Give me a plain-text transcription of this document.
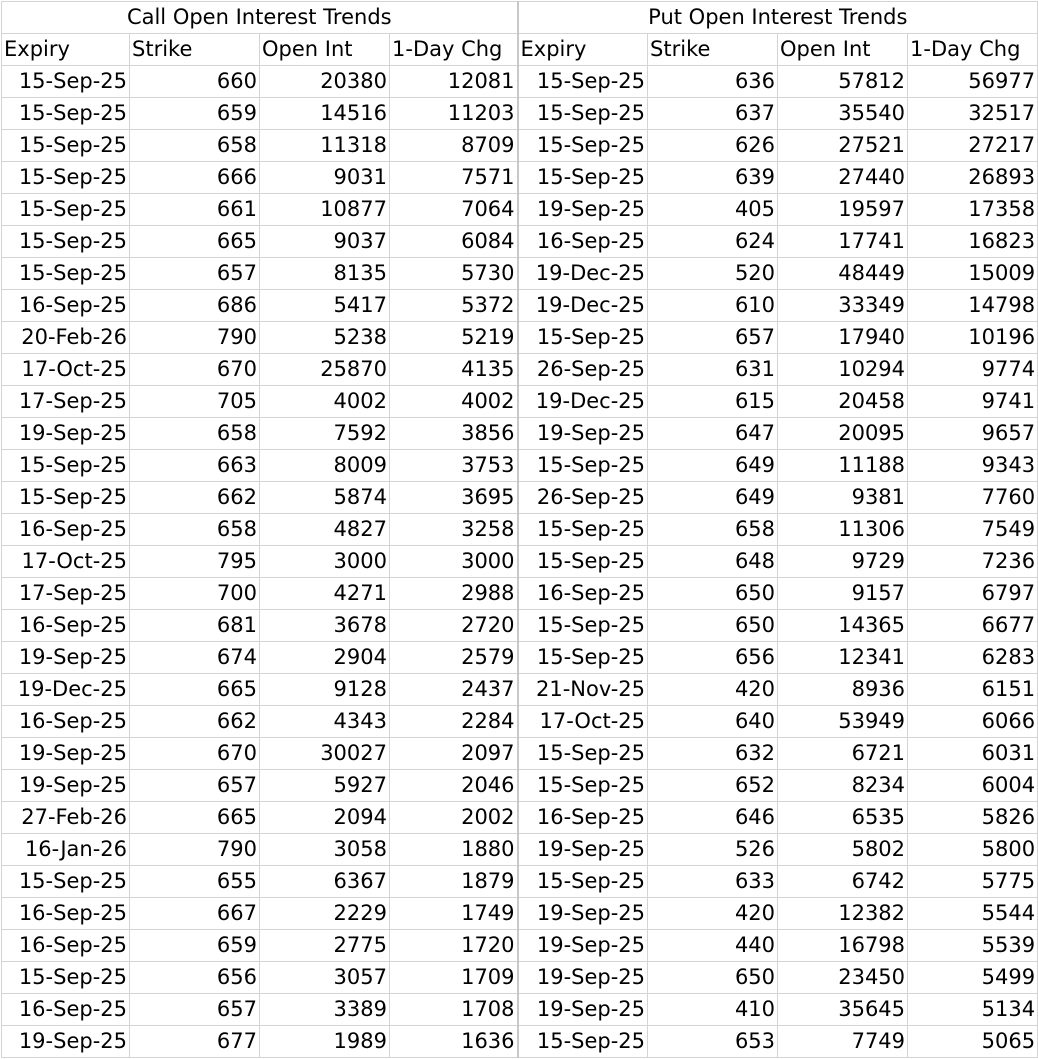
Call Open Interest Trends				Put Open Interest Trends			
Expiry	Strike	Open Int	1-Day Chg	Expiry	Strike	Open Int	1-Day Chg
15-Sep-25	660	20380	12081	15-Sep-25	636	57812	56977
15-Sep-25	659	14516	11203	15-Sep-25	637	35540	32517
15-Sep-25	658	11318	8709	15-Sep-25	626	27521	27217
15-Sep-25	666	9031	7571	15-Sep-25	639	27440	26893
15-Sep-25	661	10877	7064	19-Sep-25	405	19597	17358
15-Sep-25	665	9037	6084	16-Sep-25	624	17741	16823
15-Sep-25	657	8135	5730	19-Dec-25	520	48449	15009
16-Sep-25	686	5417	5372	19-Dec-25	610	33349	14798
20-Feb-26	790	5238	5219	15-Sep-25	657	17940	10196
17-Oct-25	670	25870	4135	26-Sep-25	631	10294	9774
17-Sep-25	705	4002	4002	19-Dec-25	615	20458	9741
19-Sep-25	658	7592	3856	19-Sep-25	647	20095	9657
15-Sep-25	663	8009	3753	15-Sep-25	649	11188	9343
15-Sep-25	662	5874	3695	26-Sep-25	649	9381	7760
16-Sep-25	658	4827	3258	15-Sep-25	658	11306	7549
17-Oct-25	795	3000	3000	15-Sep-25	648	9729	7236
17-Sep-25	700	4271	2988	16-Sep-25	650	9157	6797
16-Sep-25	681	3678	2720	15-Sep-25	650	14365	6677
19-Sep-25	674	2904	2579	15-Sep-25	656	12341	6283
19-Dec-25	665	9128	2437	21-Nov-25	420	8936	6151
16-Sep-25	662	4343	2284	17-Oct-25	640	53949	6066
19-Sep-25	670	30027	2097	15-Sep-25	632	6721	6031
19-Sep-25	657	5927	2046	15-Sep-25	652	8234	6004
27-Feb-26	665	2094	2002	16-Sep-25	646	6535	5826
16-Jan-26	790	3058	1880	19-Sep-25	526	5802	5800
15-Sep-25	655	6367	1879	15-Sep-25	633	6742	5775
16-Sep-25	667	2229	1749	19-Sep-25	420	12382	5544
16-Sep-25	659	2775	1720	19-Sep-25	440	16798	5539
15-Sep-25	656	3057	1709	19-Sep-25	650	23450	5499
16-Sep-25	657	3389	1708	19-Sep-25	410	35645	5134
19-Sep-25	677	1989	1636	15-Sep-25	653	7749	5065
